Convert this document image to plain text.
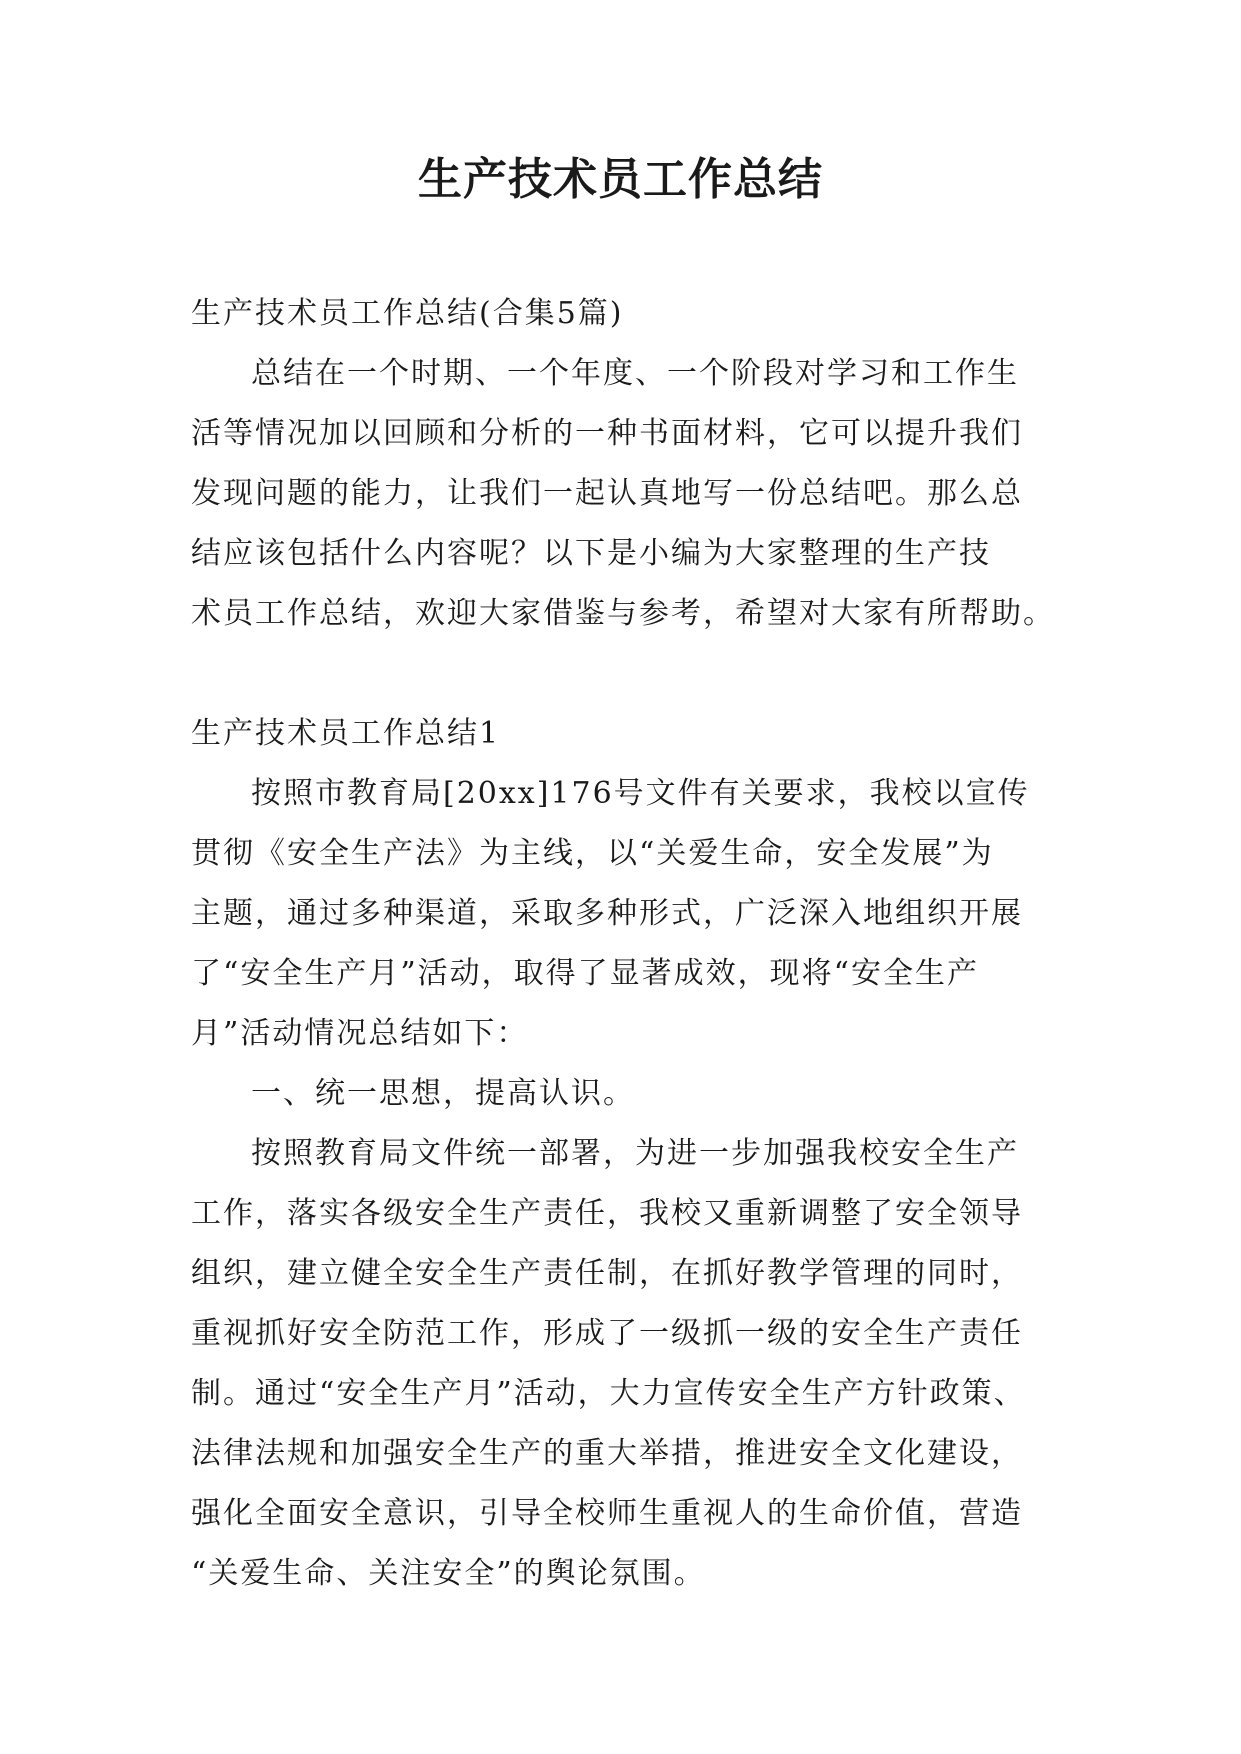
生产技术员工作总结
生产技术员工作总结(合集5篇)
总结在一个时期、一个年度、一个阶段对学习和工作生
活等情况加以回顾和分析的一种书面材料，它可以提升我们
发现问题的能力，让我们一起认真地写一份总结吧。那么总
结应该包括什么内容呢？以下是小编为大家整理的生产技
术员工作总结，欢迎大家借鉴与参考，希望对大家有所帮助。
生产技术员工作总结1
按照市教育局[20xx]176号文件有关要求，我校以宣传
贯彻《安全生产法》为主线，以“关爱生命，安全发展”为
主题，通过多种渠道，采取多种形式，广泛深入地组织开展
了“安全生产月”活动，取得了显著成效，现将“安全生产
月”活动情况总结如下：
一、统一思想，提高认识。
按照教育局文件统一部署，为进一步加强我校安全生产
工作，落实各级安全生产责任，我校又重新调整了安全领导
组织，建立健全安全生产责任制，在抓好教学管理的同时，
重视抓好安全防范工作，形成了一级抓一级的安全生产责任
制。通过“安全生产月”活动，大力宣传安全生产方针政策、
法律法规和加强安全生产的重大举措，推进安全文化建设，
强化全面安全意识，引导全校师生重视人的生命价值，营造
“关爱生命、关注安全”的舆论氛围。
